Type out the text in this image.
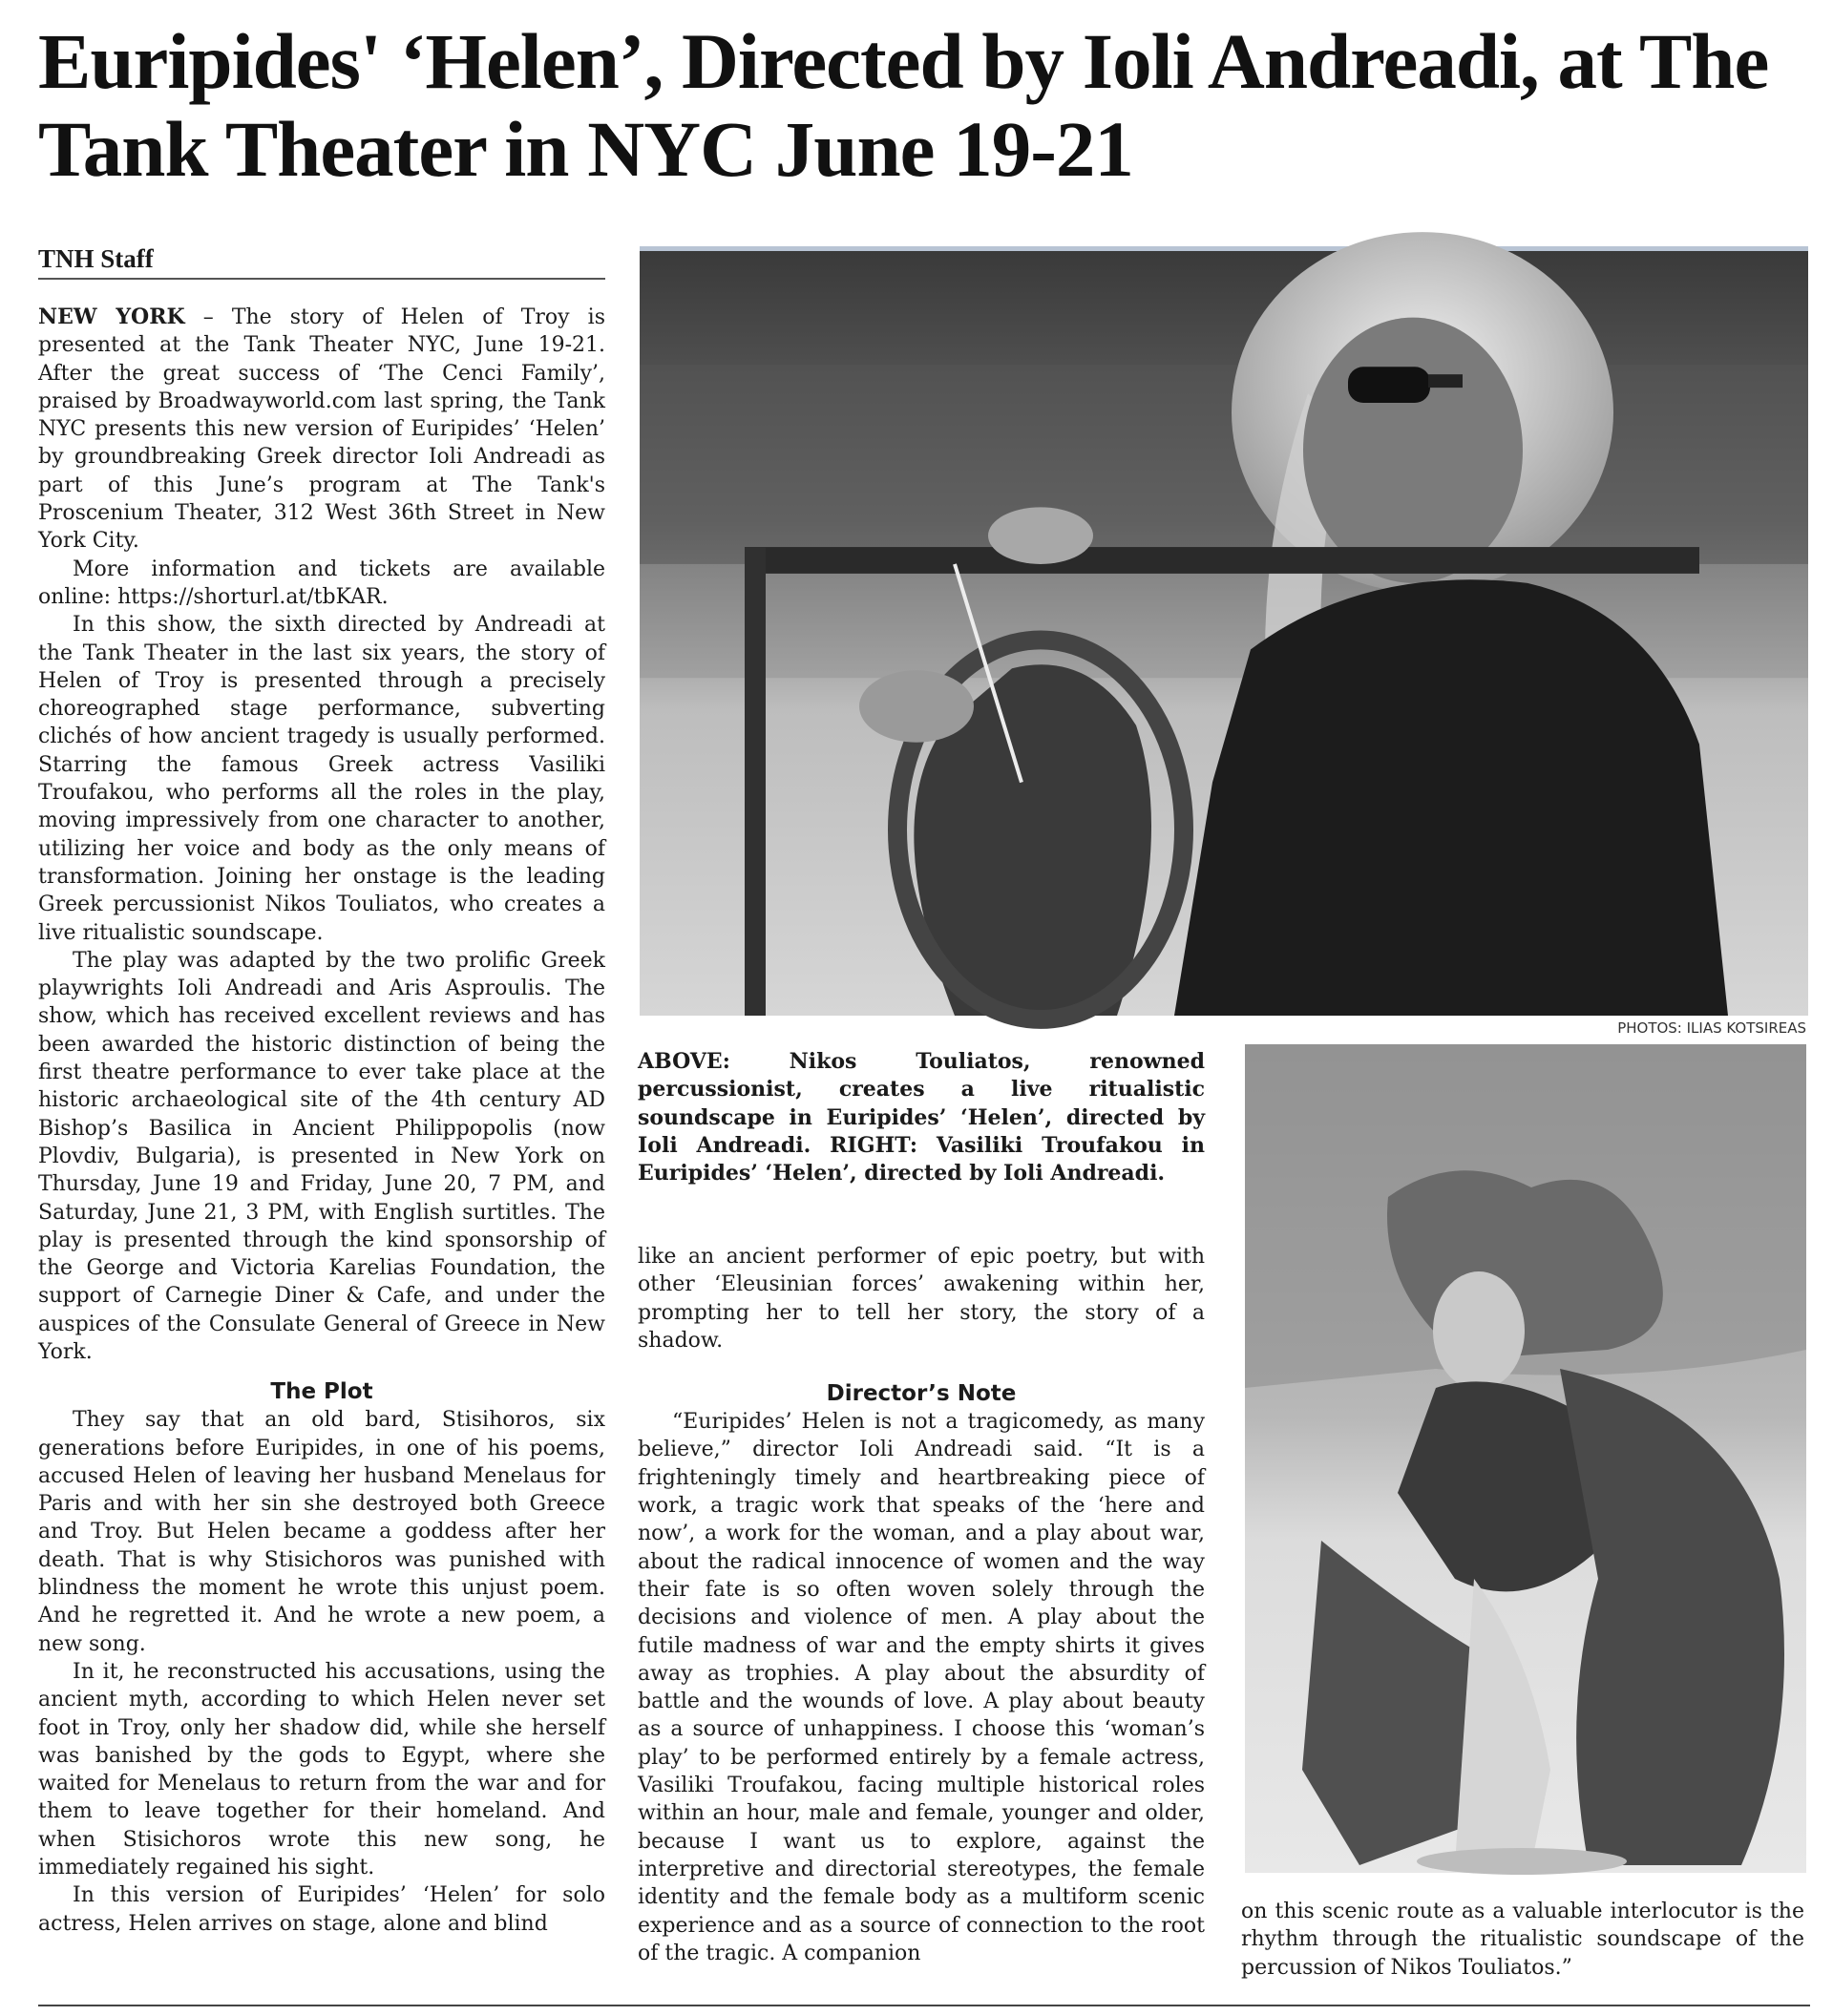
Euripides' ‘Helen’, Directed by Ioli Andreadi, at The Tank Theater in NYC June 19-21
TNH Staff

NEW YORK – The story of Helen of Troy is presented at the Tank Theater NYC, June 19-21. After the great success of ‘The Cenci Family’, praised by Broadwayworld.com last spring, the Tank NYC presents this new version of Euripides’ ‘Helen’ by groundbreaking Greek director Ioli Andreadi as part of this June’s program at The Tank's Proscenium Theater, 312 West 36th Street in New York City.

More information and tickets are available online: https://shorturl.at/tbKAR.

In this show, the sixth directed by Andreadi at the Tank Theater in the last six years, the story of Helen of Troy is presented through a precisely choreographed stage performance, subverting clichés of how ancient tragedy is usually performed. Starring the famous Greek actress Vasiliki Troufakou, who performs all the roles in the play, moving impressively from one character to another, utilizing her voice and body as the only means of transformation. Joining her onstage is the leading Greek percussionist Nikos Touliatos, who creates a live ritualistic soundscape.

The play was adapted by the two prolific Greek playwrights Ioli Andreadi and Aris Asproulis. The show, which has received excellent reviews and has been awarded the historic distinction of being the first theatre performance to ever take place at the historic archaeological site of the 4th century AD Bishop’s Basilica in Ancient Philippopolis (now Plovdiv, Bulgaria), is presented in New York on Thursday, June 19 and Friday, June 20, 7 PM, and Saturday, June 21, 3 PM, with English surtitles. The play is presented through the kind sponsorship of the George and Victoria Karelias Foundation, the support of Carnegie Diner & Cafe, and under the auspices of the Consulate General of Greece in New York.

The Plot

They say that an old bard, Stisihoros, six generations before Euripides, in one of his poems, accused Helen of leaving her husband Menelaus for Paris and with her sin she destroyed both Greece and Troy. But Helen became a goddess after her death. That is why Stisichoros was punished with blindness the moment he wrote this unjust poem. And he regretted it. And he wrote a new poem, a new song.

In it, he reconstructed his accusations, using the ancient myth, according to which Helen never set foot in Troy, only her shadow did, while she herself was banished by the gods to Egypt, where she waited for Menelaus to return from the war and for them to leave together for their homeland. And when Stisichoros wrote this new song, he immediately regained his sight.

In this version of Euripides’ ‘Helen’ for solo actress, Helen arrives on stage, alone and blind

PHOTOS: ILIAS KOTSIREAS
ABOVE: Nikos Touliatos, renowned percussionist, creates a live ritualistic soundscape in Euripides’ ‘Helen’, directed by Ioli Andreadi. RIGHT: Vasiliki Troufakou in Euripides’ ‘Helen’, directed by Ioli Andreadi.

like an ancient performer of epic poetry, but with other ‘Eleusinian forces’ awakening within her, prompting her to tell her story, the story of a shadow.

Director’s Note

“Euripides’ Helen is not a tragicomedy, as many believe,” director Ioli Andreadi said. “It is a frighteningly timely and heartbreaking piece of work, a tragic work that speaks of the ‘here and now’, a work for the woman, and a play about war, about the radical innocence of women and the way their fate is so often woven solely through the decisions and violence of men. A play about the futile madness of war and the empty shirts it gives away as trophies. A play about the absurdity of battle and the wounds of love. A play about beauty as a source of unhappiness. I choose this ‘woman’s play’ to be performed entirely by a female actress, Vasiliki Troufakou, facing multiple historical roles within an hour, male and female, younger and older, because I want us to explore, against the interpretive and directorial stereotypes, the female identity and the female body as a multiform scenic experience and as a source of connection to the root of the tragic. A companion

on this scenic route as a valuable interlocutor is the rhythm through the ritualistic soundscape of the percussion of Nikos Touliatos.”
